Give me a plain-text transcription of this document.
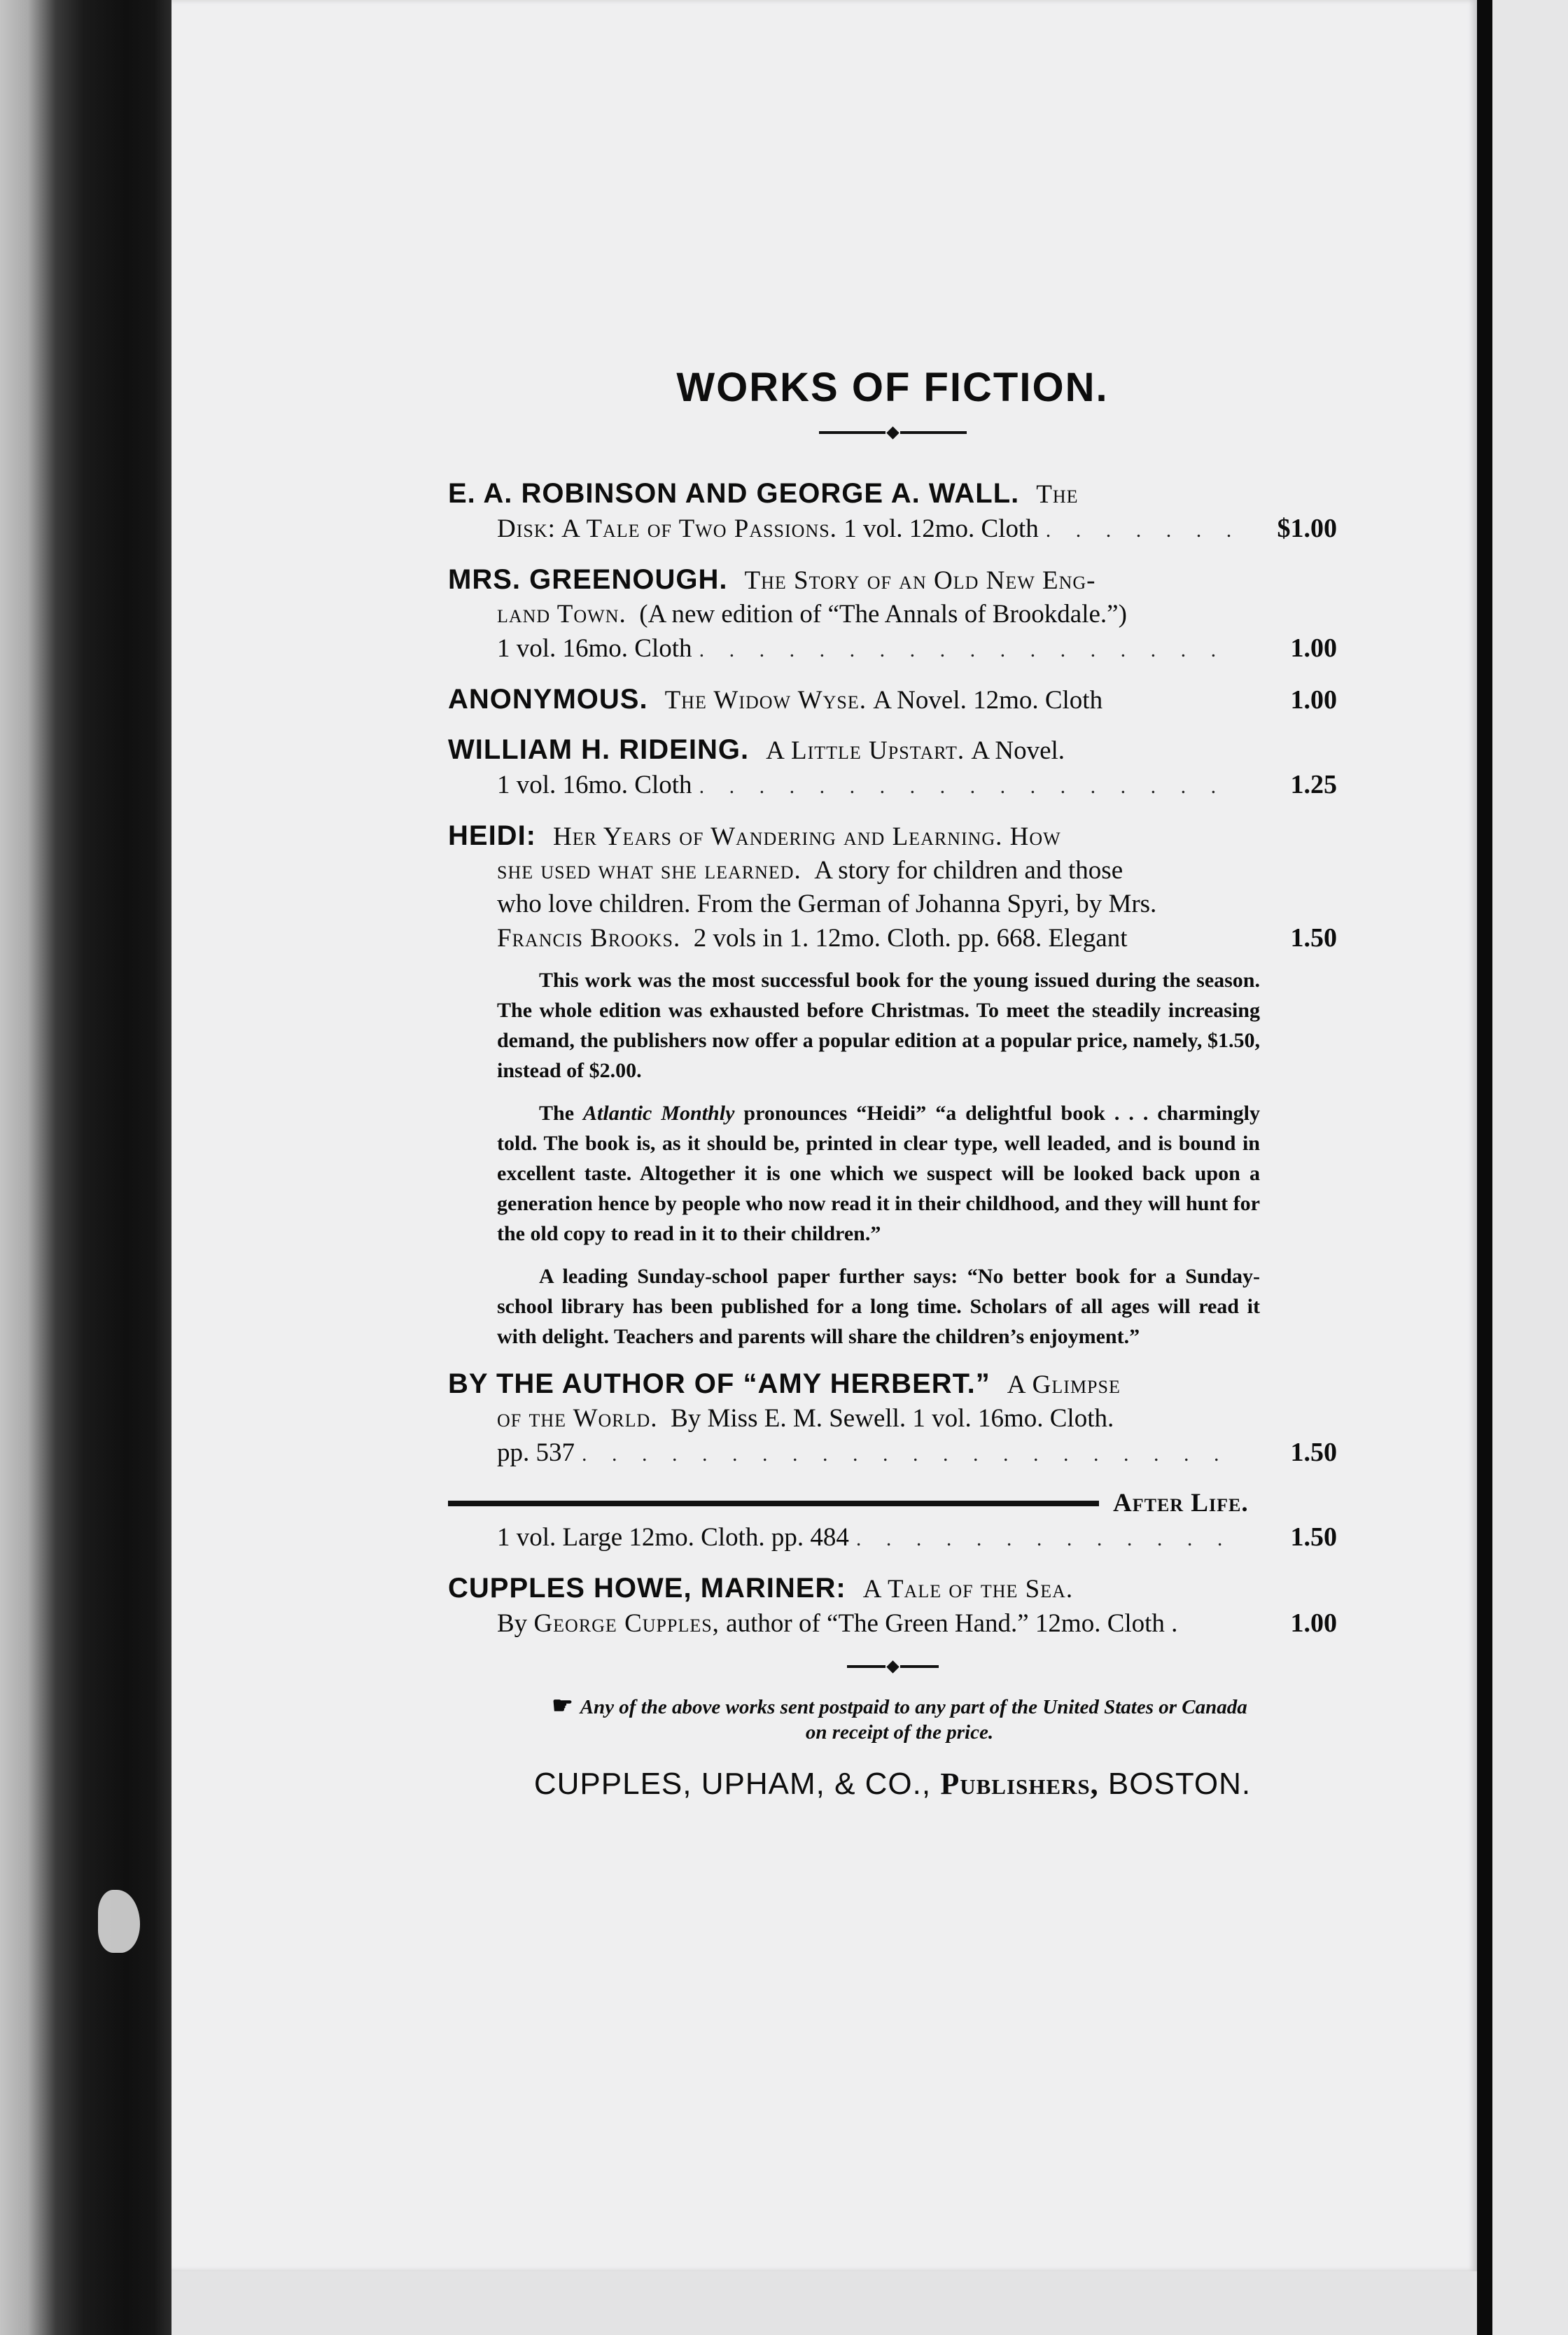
WORKS OF FICTION.
E. A. ROBINSON AND GEORGE A. WALL. The
Disk: A Tale of Two Passions.
1 vol. 12mo. Cloth . . .	$1.00
MRS. GREENOUGH. The Story of an Old New Eng-
land Town.
(A new edition of “The Annals of Brookdale.”)
1 vol. 16mo. Cloth . . .	1.00
ANONYMOUS. The Widow Wyse.
A Novel. 12mo. Cloth	1.00
WILLIAM H. RIDEING. A Little Upstart.
A Novel.
1 vol. 16mo. Cloth . . .	1.25
HEIDI: Her Years of Wandering and Learning. How
she used what she learned.
A story for children and those
who love children. From the German of Johanna Spyri, by Mrs.
Francis Brooks.
2 vols in 1. 12mo. Cloth. pp. 668. Elegant	1.50

This work was the most successful book for the young issued during the season. The whole edition was exhausted before Christmas. To meet the steadily increasing demand, the publishers now offer a popular edition at a popular price, namely, $1.50, instead of $2.00.

The Atlantic Monthly pronounces “Heidi” “a delightful book . . . charmingly told. The book is, as it should be, printed in clear type, well leaded, and is bound in excellent taste. Altogether it is one which we suspect will be looked back upon a generation hence by people who now read it in their childhood, and they will hunt for the old copy to read in it to their children.”

A leading Sunday-school paper further says: “No better book for a Sunday-school library has been published for a long time. Scholars of all ages will read it with delight. Teachers and parents will share the children’s enjoyment.”

BY THE AUTHOR OF “AMY HERBERT.” A Glimpse
of the World.
By Miss E. M. Sewell. 1 vol. 16mo. Cloth.
pp. 537 . . .	1.50
After Life.
1 vol. Large 12mo. Cloth. pp. 484 . . .	1.50
CUPPLES HOWE, MARINER: A Tale of the Sea.
By
George Cupples,
author of “The Green Hand.” 12mo. Cloth .	1.00
☛ Any of the above works sent postpaid to any part of the United States or Canada
on receipt of the price.
CUPPLES, UPHAM, & CO., Publishers, BOSTON.
